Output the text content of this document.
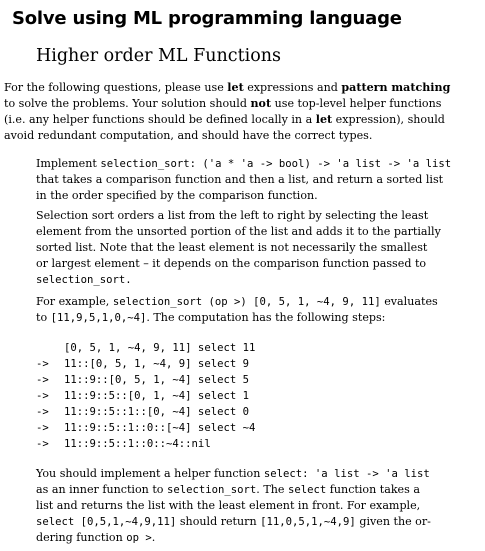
Solve using ML programming language
Higher order ML Functions

For the following questions, please use let expressions and pattern matching
to solve the problems. Your solution should not use top-level helper functions
(i.e. any helper functions should be defined locally in a let expression), should
avoid redundant computation, and should have the correct types.

Implement selection_sort: ('a * 'a -> bool) -> 'a list -> 'a list
that takes a comparison function and then a list, and return a sorted list
in the order specified by the comparison function.

Selection sort orders a list from the left to right by selecting the least
element from the unsorted portion of the list and adds it to the partially
sorted list. Note that the least element is not necessarily the smallest
or largest element – it depends on the comparison function passed to
selection_sort.

For example, selection_sort (op >) [0, 5, 1, ~4, 9, 11] evaluates
to [11,9,5,1,0,~4]. The computation has the following steps:

[0, 5, 1, ~4, 9, 11] select 11
->	11::[0, 5, 1, ~4, 9] select 9
->	11::9::[0, 5, 1, ~4] select 5
->	11::9::5::[0, 1, ~4] select 1
->	11::9::5::1::[0, ~4] select 0
->	11::9::5::1::0::[~4] select ~4
->	11::9::5::1::0::~4::nil

You should implement a helper function select: 'a list -> 'a list
as an inner function to selection_sort. The select function takes a
list and returns the list with the least element in front. For example,
select [0,5,1,~4,9,11] should return [11,0,5,1,~4,9] given the or-
dering function op >.
